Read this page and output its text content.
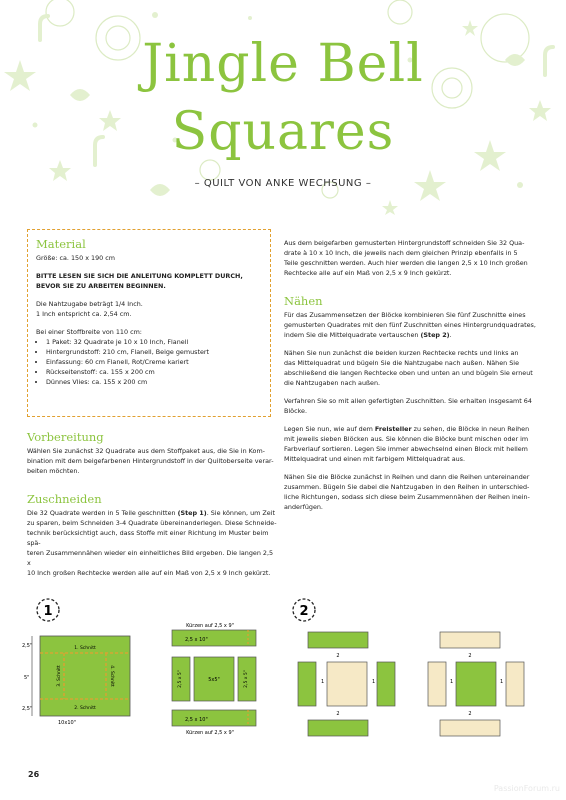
Jingle Bell
Squares
– QUILT VON ANKE WECHSUNG –
Material

Größe: ca. 150 x 190 cm

BITTE LESEN SIE SICH DIE ANLEITUNG KOMPLETT DURCH,

BEVOR SIE ZU ARBEITEN BEGINNEN.

Die Nahtzugabe beträgt 1/4 Inch.

1 Inch entspricht ca. 2,54 cm.

Bei einer Stoffbreite von 110 cm:

• 1 Paket: 32 Quadrate je 10 x 10 Inch, Flanell
• Hintergrundstoff: 210 cm, Flanell, Beige gemustert
• Einfassung: 60 cm Flanell, Rot/Creme kariert
• Rückseitenstoff: ca. 155 x 200 cm
• Dünnes Vlies: ca. 155 x 200 cm
Vorbereitung

Wählen Sie zunächst 32 Quadrate aus dem Stoffpaket aus, die Sie in Kom-

bination mit dem beigefarbenen Hintergrundstoff in der Quiltoberseite verar-

beiten möchten.

Zuschneiden

Die 32 Quadrate werden in 5 Teile geschnitten (Step 1). Sie können, um Zeit

zu sparen, beim Schneiden 3-4 Quadrate übereinanderlegen. Diese Schneide-

technik berücksichtigt auch, dass Stoffe mit einer Richtung im Muster beim spä-

teren Zusammennähen wieder ein einheitliches Bild ergeben. Die langen 2,5 x

10 Inch großen Rechtecke werden alle auf ein Maß von 2,5 x 9 Inch gekürzt.

Aus dem beigefarben gemusterten Hintergrundstoff schneiden Sie 32 Qua-

drate à 10 x 10 Inch, die jeweils nach dem gleichen Prinzip ebenfalls in 5

Teile geschnitten werden. Auch hier werden die langen 2,5 x 10 Inch großen

Rechtecke alle auf ein Maß von 2,5 x 9 Inch gekürzt.

Nähen

Für das Zusammensetzen der Blöcke kombinieren Sie fünf Zuschnitte eines

gemusterten Quadrates mit den fünf Zuschnitten eines Hintergrundquadrates,

indem Sie die Mittelquadrate vertauschen (Step 2).

Nähen Sie nun zunächst die beiden kurzen Rechtecke rechts und links an

das Mittelquadrat und bügeln Sie die Nahtzugabe nach außen. Nähen Sie

abschließend die langen Rechtecke oben und unten an und bügeln Sie erneut

die Nahtzugaben nach außen.

Verfahren Sie so mit allen gefertigten Zuschnitten. Sie erhalten insgesamt 64

Blöcke.

Legen Sie nun, wie auf dem Freisteller zu sehen, die Blöcke in neun Reihen

mit jeweils sieben Blöcken aus. Sie können die Blöcke bunt mischen oder im

Farbverlauf sortieren. Legen Sie immer abwechselnd einen Block mit hellem

Mittelquadrat und einen mit farbigem Mittelquadrat aus.

Nähen Sie die Blöcke zunächst in Reihen und dann die Reihen untereinander

zusammen. Bügeln Sie dabei die Nahtzugaben in den Reihen in unterschied-

liche Richtungen, sodass sich diese beim Zusammennähen der Reihen inein-

anderfügen.

1
1. Schnitt
2. Schnitt
3. Schnitt	4. Schnitt
2,5"
5"
2,5"
10x10"
Kürzen auf 2,5 x 9"
2,5 x 10"
2,5 x 5"	5x5"	2,5 x 5"
2,5 x 10"
Kürzen auf 2,5 x 9"
2
2
1	1
2
2
1	1
2
26
PassionForum.ru
